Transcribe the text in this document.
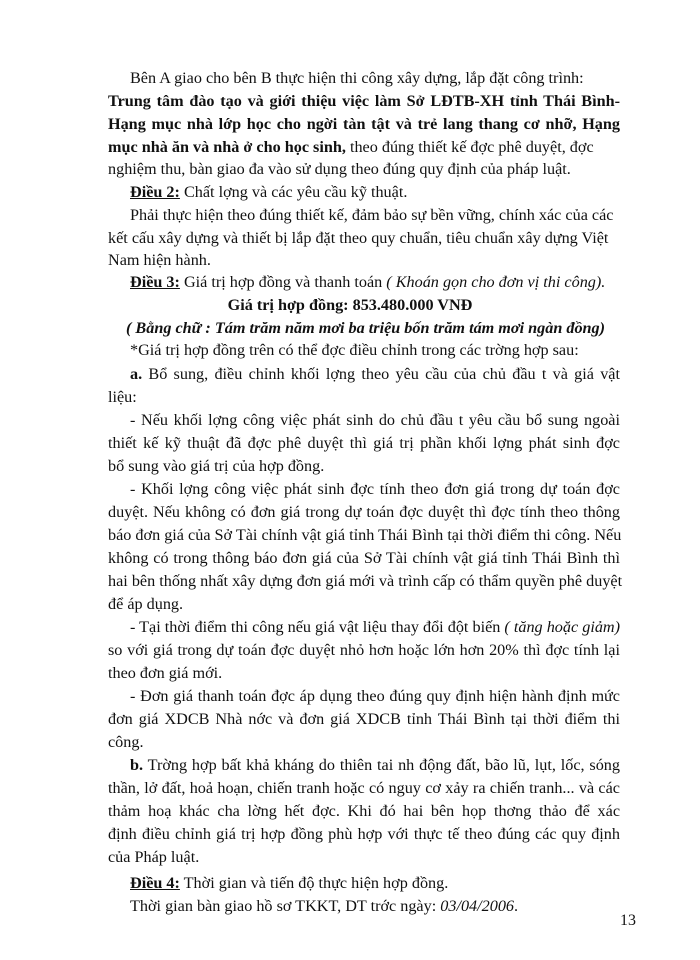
Bên A giao cho bên B thực hiện thi công xây dựng, lắp đặt công trình:
Trung tâm đào tạo và giới thiệu việc làm Sở LĐTB-XH tỉnh Thái Bình-
Hạng mục nhà lớp học cho ngời tàn tật và trẻ lang thang cơ nhỡ, Hạng
mục nhà ăn và nhà ở cho học sinh, theo đúng thiết kế đợc phê duyệt, đợc
nghiệm thu, bàn giao đa vào sử dụng theo đúng quy định của pháp luật.
Điều 2: Chất lợng và các yêu cầu kỹ thuật.
Phải thực hiện theo đúng thiết kế, đảm bảo sự bền vững, chính xác của các
kết cấu xây dựng và thiết bị lắp đặt theo quy chuẩn, tiêu chuẩn xây dựng Việt
Nam hiện hành.
Điều 3: Giá trị hợp đồng và thanh toán ( Khoán gọn cho đơn vị thi công).
Giá trị hợp đồng: 853.480.000 VNĐ
( Bằng chữ : Tám trăm năm mơi ba triệu bốn trăm tám mơi ngàn đồng)
*Giá trị hợp đồng trên có thể đợc điều chỉnh trong các trờng hợp sau:
a. Bổ sung, điều chỉnh khối lợng theo yêu cầu của chủ đầu t và giá vật
liệu:
- Nếu khối lợng công việc phát sinh do chủ đầu t yêu cầu bổ sung ngoài
thiết kế kỹ thuật đã đợc phê duyệt thì giá trị phần khối lợng phát sinh đợc
bổ sung vào giá trị của hợp đồng.
- Khối lợng công việc phát sinh đợc tính theo đơn giá trong dự toán đợc
duyệt. Nếu không có đơn giá trong dự toán đợc duyệt thì đợc tính theo thông
báo đơn giá của Sở Tài chính vật giá tỉnh Thái Bình tại thời điểm thi công. Nếu
không có trong thông báo đơn giá của Sở Tài chính vật giá tỉnh Thái Bình thì
hai bên thống nhất xây dựng đơn giá mới và trình cấp có thẩm quyền phê duyệt
để áp dụng.
- Tại thời điểm thi công nếu giá vật liệu thay đổi đột biến ( tăng hoặc giảm)
so với giá trong dự toán đợc duyệt nhỏ hơn hoặc lớn hơn 20% thì đợc tính lại
theo đơn giá mới.
- Đơn giá thanh toán đợc áp dụng theo đúng quy định hiện hành định mức
đơn giá XDCB Nhà nớc và đơn giá XDCB tỉnh Thái Bình tại thời điểm thi
công.
b. Trờng hợp bất khả kháng do thiên tai nh động đất, bão lũ, lụt, lốc, sóng
thần, lở đất, hoả hoạn, chiến tranh hoặc có nguy cơ xảy ra chiến tranh... và các
thảm hoạ khác cha lờng hết đợc. Khi đó hai bên họp thơng thảo để xác
định điều chỉnh giá trị hợp đồng phù hợp với thực tế theo đúng các quy định
của Pháp luật.
Điều 4: Thời gian và tiến độ thực hiện hợp đồng.
Thời gian bàn giao hồ sơ TKKT, DT trớc ngày: 03/04/2006.
13
